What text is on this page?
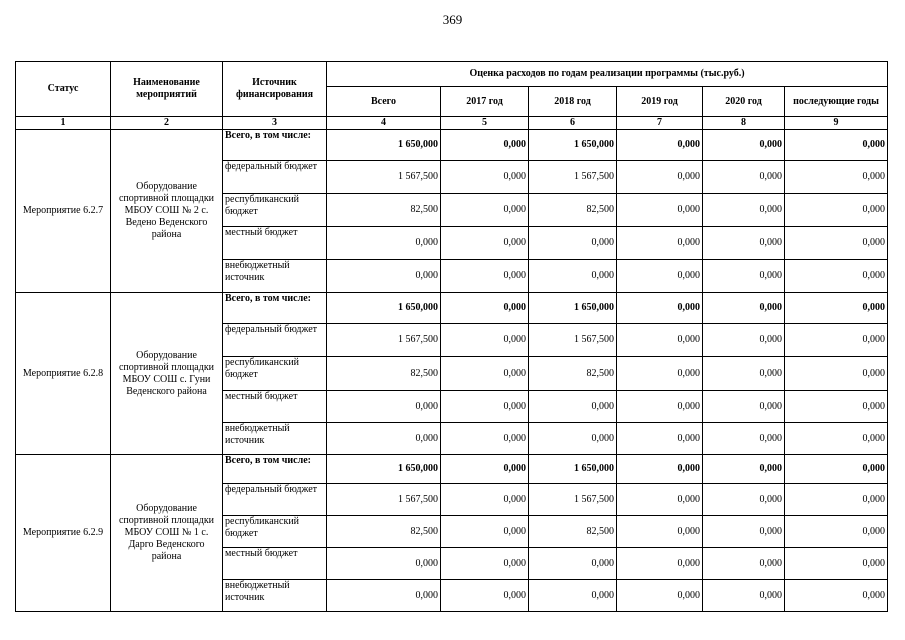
369
Статус	Наименование мероприятий	Источник финансирования	Оценка расходов по годам реализации программы (тыс.руб.)					
			Всего	2017 год	2018 год	2019 год	2020 год	последующие годы
1	2	3	4	5	6	7	8	9
Мероприятие 6.2.7	Оборудование спортивной площадки МБОУ СОШ № 2 с. Ведено Веденского района	Всего, в том числе:	1 650,000	0,000	1 650,000	0,000	0,000	0,000
		федеральный бюджет	1 567,500	0,000	1 567,500	0,000	0,000	0,000
		республиканский бюджет	82,500	0,000	82,500	0,000	0,000	0,000
		местный бюджет	0,000	0,000	0,000	0,000	0,000	0,000
		внебюджетный источник	0,000	0,000	0,000	0,000	0,000	0,000
Мероприятие 6.2.8	Оборудование спортивной площадки МБОУ СОШ с. Гуни Веденского района	Всего, в том числе:	1 650,000	0,000	1 650,000	0,000	0,000	0,000
		федеральный бюджет	1 567,500	0,000	1 567,500	0,000	0,000	0,000
		республиканский бюджет	82,500	0,000	82,500	0,000	0,000	0,000
		местный бюджет	0,000	0,000	0,000	0,000	0,000	0,000
		внебюджетный источник	0,000	0,000	0,000	0,000	0,000	0,000
Мероприятие 6.2.9	Оборудование спортивной площадки МБОУ СОШ № 1 с. Дарго Веденского района	Всего, в том числе:	1 650,000	0,000	1 650,000	0,000	0,000	0,000
		федеральный бюджет	1 567,500	0,000	1 567,500	0,000	0,000	0,000
		республиканский бюджет	82,500	0,000	82,500	0,000	0,000	0,000
		местный бюджет	0,000	0,000	0,000	0,000	0,000	0,000
		внебюджетный источник	0,000	0,000	0,000	0,000	0,000	0,000
